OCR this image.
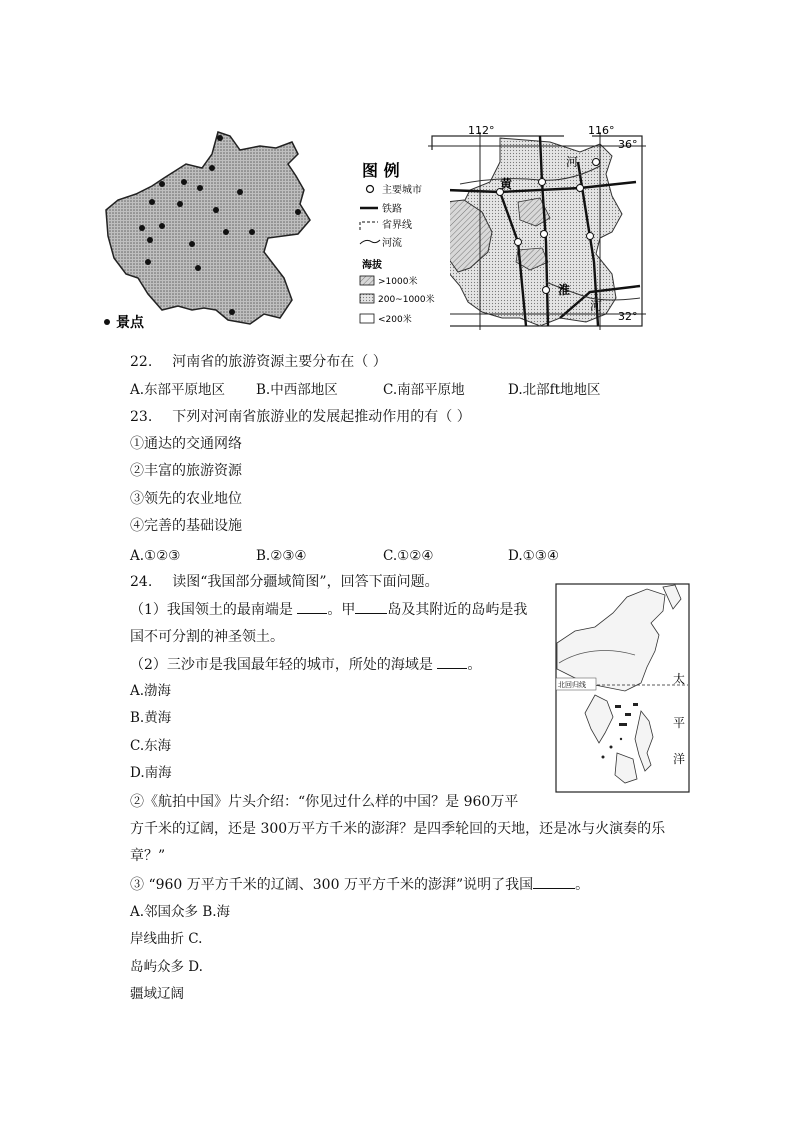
景点
图 例
主要城市
铁路
省界线
河流
海拔
>1000米
200~1000米
<200米
112°	116°
36°
32°
河
黄
淮
河
22. 河南省的旅游资源主要分布在（ ）
A.东部平原地区 B.中西部地区	C.南部平原地	D.北部ft地地区
23. 下列对河南省旅游业的发展起推动作用的有（ ）
①通达的交通网络
②丰富的旅游资源
③领先的农业地位
④完善的基础设施
A.①②③	B.②③④	C.①②④	D.①③④
24. 读图“我国部分疆域简图”，回答下面问题。
（1）我国领土的最南端是 。甲 岛及其附近的岛屿是我
国不可分割的神圣领土。
（2）三沙市是我国最年轻的城市，所处的海域是 。
A.渤海
B.黄海
C.东海
D.南海
北回归线	太
平
洋
②《航拍中国》片头介绍：“你见过什么样的中国？是 960万平
方千米的辽阔，还是 300万平方千米的澎湃？是四季轮回的天地，还是冰与火演奏的乐
章？”
③ “960 万平方千米的辽阔、300 万平方千米的澎湃”说明了我国	。
A.邻国众多 B.海
岸线曲折 C.
岛屿众多 D.
疆域辽阔
